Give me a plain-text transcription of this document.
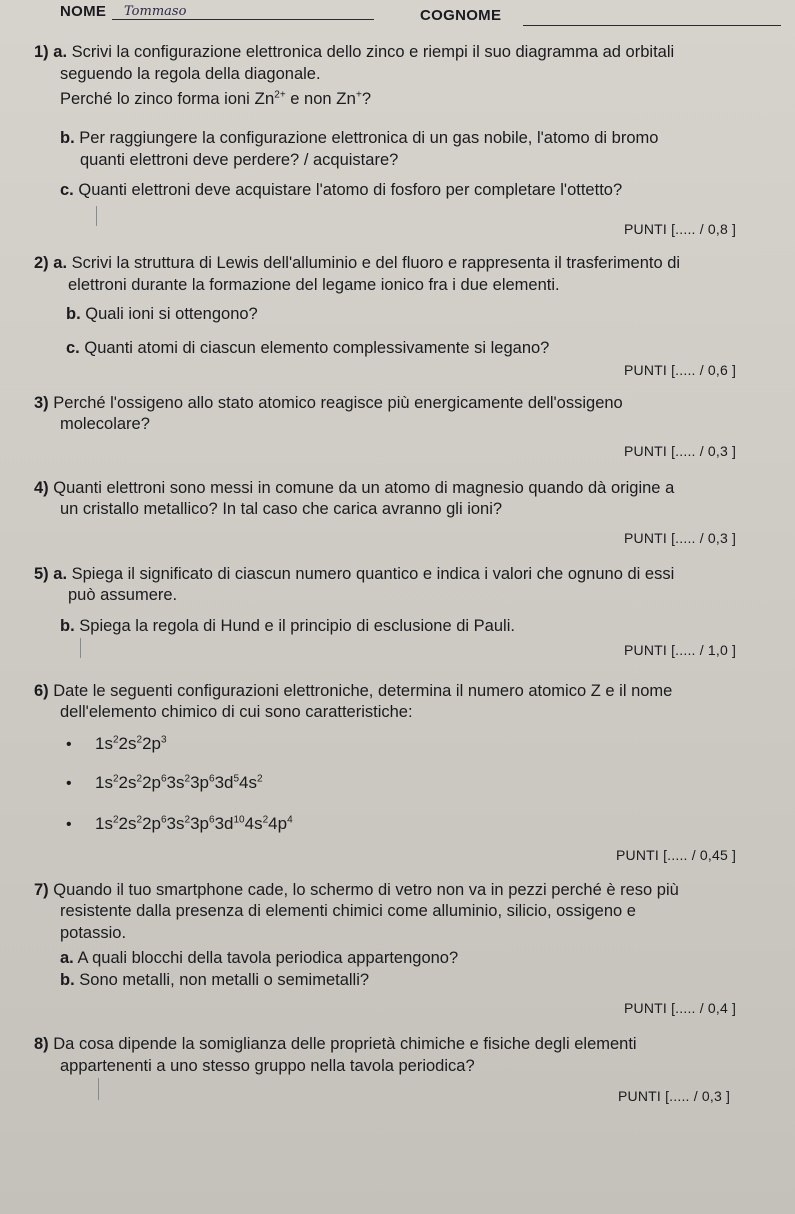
NOME Tommaso	COGNOME
1) a. Scrivi la configurazione elettronica dello zinco e riempi il suo diagramma ad orbitali
seguendo la regola della diagonale.
Perché lo zinco forma ioni $Zn^{2+}$ e non Zn+?
b. Per raggiungere la configurazione elettronica di un gas nobile, l'atomo di bromo
quanti elettroni deve perdere? / acquistare?
c. Quanti elettroni deve acquistare l'atomo di fosforo per completare l'ottetto?
PUNTI [..... / 0,8 ]
2) a. Scrivi la struttura di Lewis dell'alluminio e del fluoro e rappresenta il trasferimento di
elettroni durante la formazione del legame ionico fra i due elementi.
b. Quali ioni si ottengono?
c. Quanti atomi di ciascun elemento complessivamente si legano?
PUNTI [..... / 0,6 ]
3) Perché l'ossigeno allo stato atomico reagisce più energicamente dell'ossigeno
molecolare?
PUNTI [..... / 0,3 ]
4) Quanti elettroni sono messi in comune da un atomo di magnesio quando dà origine a
un cristallo metallico? In tal caso che carica avranno gli ioni?
PUNTI [..... / 0,3 ]
5) a. Spiega il significato di ciascun numero quantico e indica i valori che ognuno di essi
può assumere.
b. Spiega la regola di Hund e il principio di esclusione di Pauli.
PUNTI [..... / 1,0 ]
6) Date le seguenti configurazioni elettroniche, determina il numero atomico Z e il nome
dell'elemento chimico di cui sono caratteristiche:
• $1s^22s^22p^3$
• $1s^22s^22p^63s^23p^63d^54s^2$
• $1s^22s^22p^63s^23p^63d^{10}4s^24p^4$
PUNTI [..... / 0,45 ]
7) Quando il tuo smartphone cade, lo schermo di vetro non va in pezzi perché è reso più
resistente dalla presenza di elementi chimici come alluminio, silicio, ossigeno e
potassio.
a. A quali blocchi della tavola periodica appartengono?
b. Sono metalli, non metalli o semimetalli?
PUNTI [..... / 0,4 ]
8) Da cosa dipende la somiglianza delle proprietà chimiche e fisiche degli elementi
appartenenti a uno stesso gruppo nella tavola periodica?
PUNTI [..... / 0,3 ]
